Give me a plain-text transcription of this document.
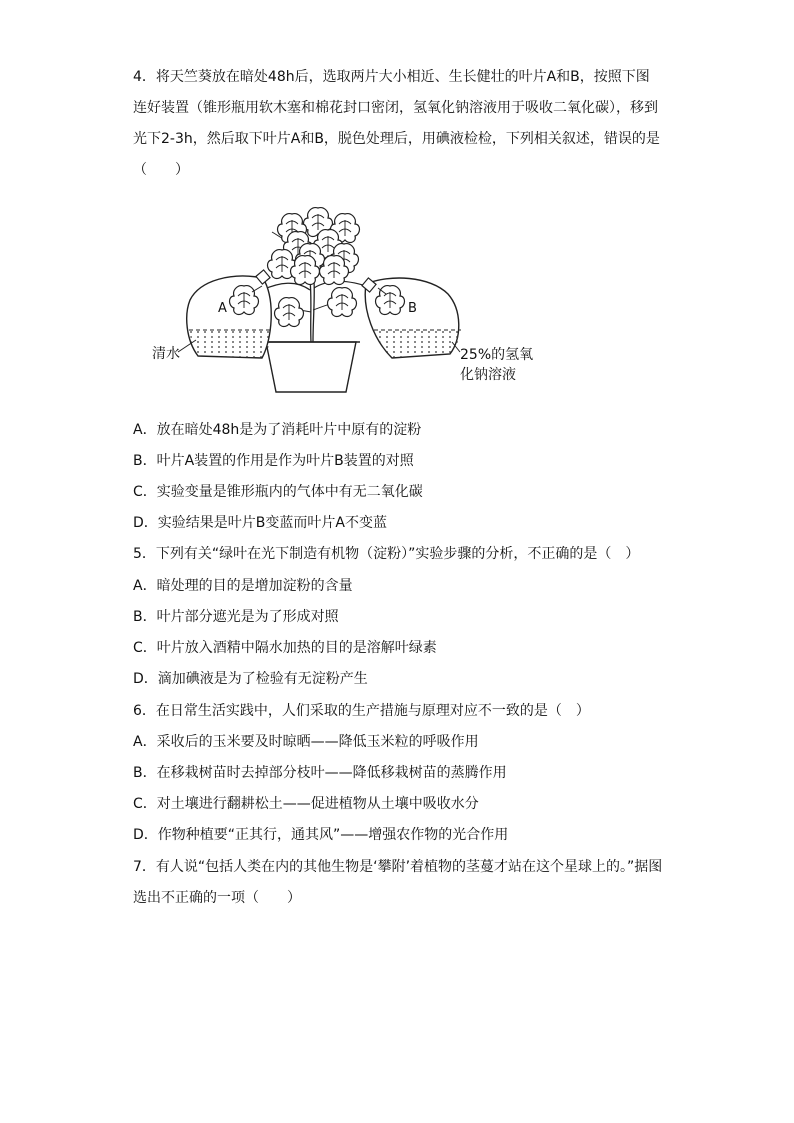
4．将天竺葵放在暗处48h后，选取两片大小相近、生长健壮的叶片A和B，按照下图连好装置（锥形瓶用软木塞和棉花封口密闭，氢氧化钠溶液用于吸收二氧化碳），移到光下2-3h，然后取下叶片A和B，脱色处理后，用碘液检检，下列相关叙述，错误的是（　　）

A	B
清水	25%的氢氧
化钠溶液

A．放在暗处48h是为了消耗叶片中原有的淀粉

B．叶片A装置的作用是作为叶片B装置的对照

C．实验变量是锥形瓶内的气体中有无二氧化碳

D．实验结果是叶片B变蓝而叶片A不变蓝

5．下列有关“绿叶在光下制造有机物（淀粉）”实验步骤的分析，不正确的是（　）

A．暗处理的目的是增加淀粉的含量

B．叶片部分遮光是为了形成对照

C．叶片放入酒精中隔水加热的目的是溶解叶绿素

D．滴加碘液是为了检验有无淀粉产生

6．在日常生活实践中，人们采取的生产措施与原理对应不一致的是（　）

A．采收后的玉米要及时晾晒——降低玉米粒的呼吸作用

B．在移栽树苗时去掉部分枝叶——降低移栽树苗的蒸腾作用

C．对土壤进行翻耕松土——促进植物从土壤中吸收水分

D．作物种植要“正其行，通其风”——增强农作物的光合作用

7．有人说“包括人类在内的其他生物是‘攀附’着植物的茎蔓才站在这个星球上的。”据图选出不正确的一项（　　）
